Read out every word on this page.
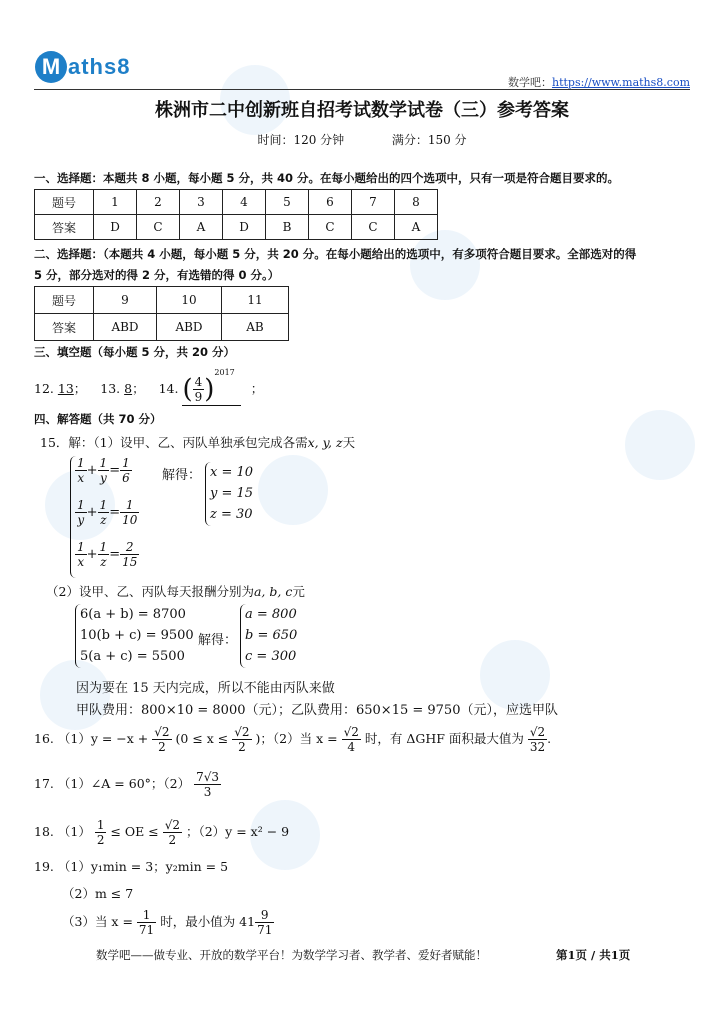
M aths8
数学吧：https://www.maths8.com
株洲市二中创新班自招考试数学试卷（三）参考答案
时间：120 分钟	满分：150 分
一、选择题：本题共 8 小题，每小题 5 分，共 40 分。在每小题给出的四个选项中，只有一项是符合题目要求的。
题号	1	2	3	4	5	6	7	8
答案	D	C	A	D	B	C	C	A
二、选择题：（本题共 4 小题，每小题 5 分，共 20 分。在每小题给出的选项中，有多项符合题目要求。全部选对的得
5 分，部分选对的得 2 分，有选错的得 0 分。）
题号	9	10	11
答案	ABD	ABD	AB
三、填空题（每小题 5 分，共 20 分）
12. 13； 13. 8； 14. ( $\frac{4}{9} )^{2017}$ ；
四、解答题（共 70 分）
15．解：（1）设甲、乙、丙队单独承包完成各需x, y, z天
$\frac{1}{x} + \frac{1}{y} = \frac{1}{6}$
$\frac{1}{y} + \frac{1}{z} = \frac{1}{10}$
$\frac{1}{x} + \frac{1}{z} = \frac{2}{15}$
解得： x = 10
y = 15
z = 30
（2）设甲、乙、丙队每天报酬分别为a, b, c元
6(a + b) = 8700
10(b + c) = 9500
5(a + c) = 5500
解得：
a = 800
b = 650
c = 300
因为要在 15 天内完成，所以不能由丙队来做
甲队费用：800×10 = 8000（元）；乙队费用：650×15 = 9750（元），应选甲队
16. $(1)y = -x + \frac{√2}{2} (0 \le x \le \frac{√2}{2}$ )；（2）当 $x = \frac{√2}{4}$ 时，有 ΔGHF 面积最大值为 $\frac{√2}{32}$ .
17. （1）∠A = 60°；$(2) \frac{7√3}{3}$
18. $(1) \frac{1}{2}$ ≤ OE ≤ $\frac{√2}{2}$ ；（2）y = x² − 9
19. （1）y₁min = 3；y₂min = 5
（2）m ≤ 7
（3）当 $x = \frac{1}{71}$ 时，最小值为 $41 \frac{9}{71}$
数学吧——做专业、开放的数学平台！为数学学习者、教学者、爱好者赋能！	第1页 / 共1页
